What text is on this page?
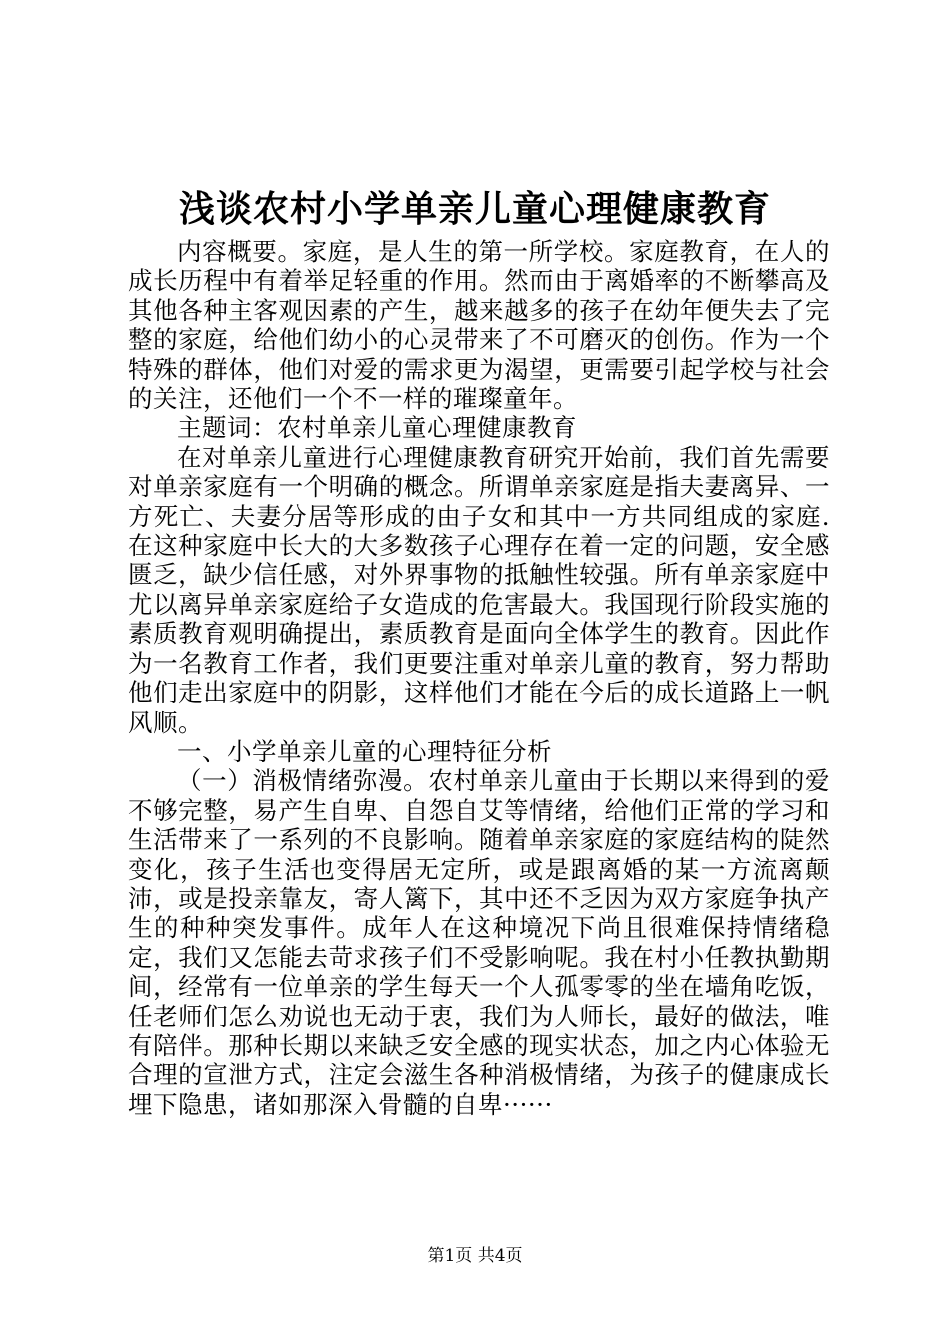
浅谈农村小学单亲儿童心理健康教育

内容概要。家庭，是人生的第一所学校。家庭教育，在人的成长历程中有着举足轻重的作用。然而由于离婚率的不断攀高及其他各种主客观因素的产生，越来越多的孩子在幼年便失去了完整的家庭，给他们幼小的心灵带来了不可磨灭的创伤。作为一个特殊的群体，他们对爱的需求更为渴望，更需要引起学校与社会的关注，还他们一个不一样的璀璨童年。

主题词：农村单亲儿童心理健康教育

在对单亲儿童进行心理健康教育研究开始前，我们首先需要对单亲家庭有一个明确的概念。所谓单亲家庭是指夫妻离异、一方死亡、夫妻分居等形成的由子女和其中一方共同组成的家庭.在这种家庭中长大的大多数孩子心理存在着一定的问题，安全感匮乏，缺少信任感，对外界事物的抵触性较强。所有单亲家庭中尤以离异单亲家庭给子女造成的危害最大。我国现行阶段实施的素质教育观明确提出，素质教育是面向全体学生的教育。因此作为一名教育工作者，我们更要注重对单亲儿童的教育，努力帮助他们走出家庭中的阴影，这样他们才能在今后的成长道路上一帆风顺。

一、小学单亲儿童的心理特征分析

（一）消极情绪弥漫。农村单亲儿童由于长期以来得到的爱不够完整，易产生自卑、自怨自艾等情绪，给他们正常的学习和生活带来了一系列的不良影响。随着单亲家庭的家庭结构的陡然变化，孩子生活也变得居无定所，或是跟离婚的某一方流离颠沛，或是投亲靠友，寄人篱下，其中还不乏因为双方家庭争执产生的种种突发事件。成年人在这种境况下尚且很难保持情绪稳定，我们又怎能去苛求孩子们不受影响呢。我在村小任教执勤期间，经常有一位单亲的学生每天一个人孤零零的坐在墙角吃饭，任老师们怎么劝说也无动于衷，我们为人师长，最好的做法，唯有陪伴。那种长期以来缺乏安全感的现实状态，加之内心体验无合理的宣泄方式，注定会滋生各种消极情绪，为孩子的健康成长埋下隐患，诸如那深入骨髓的自卑······

第1页 共4页
